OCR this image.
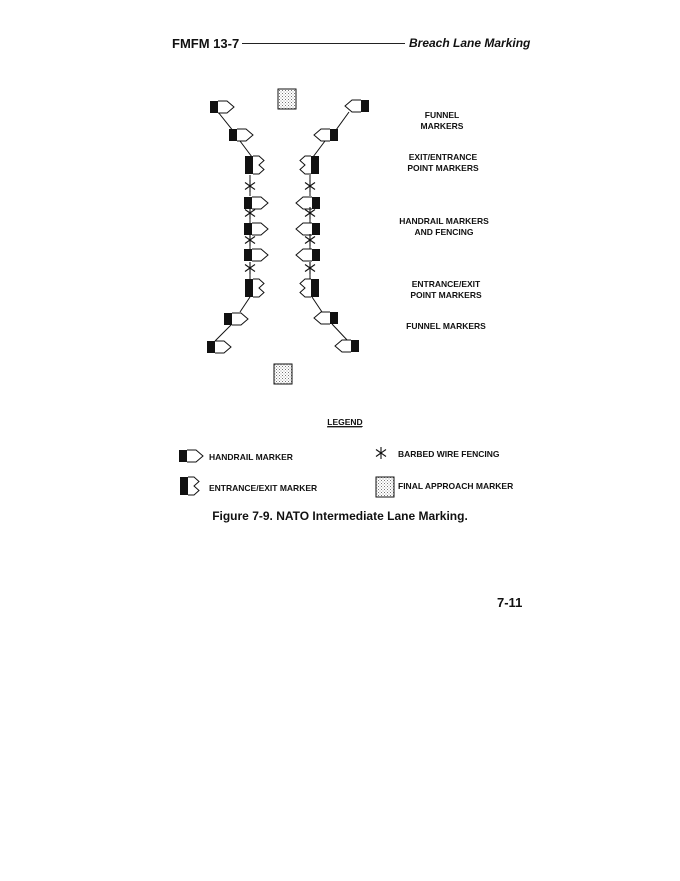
FMFM 13-7	Breach Lane Marking
FUNNEL
MARKERS
EXIT/ENTRANCE
POINT MARKERS
HANDRAIL MARKERS
AND FENCING
ENTRANCE/EXIT
POINT MARKERS
FUNNEL MARKERS
LEGEND
HANDRAIL MARKER
ENTRANCE/EXIT MARKER
BARBED WIRE FENCING
FINAL APPROACH MARKER
Figure 7-9. NATO Intermediate Lane Marking.
7-11
